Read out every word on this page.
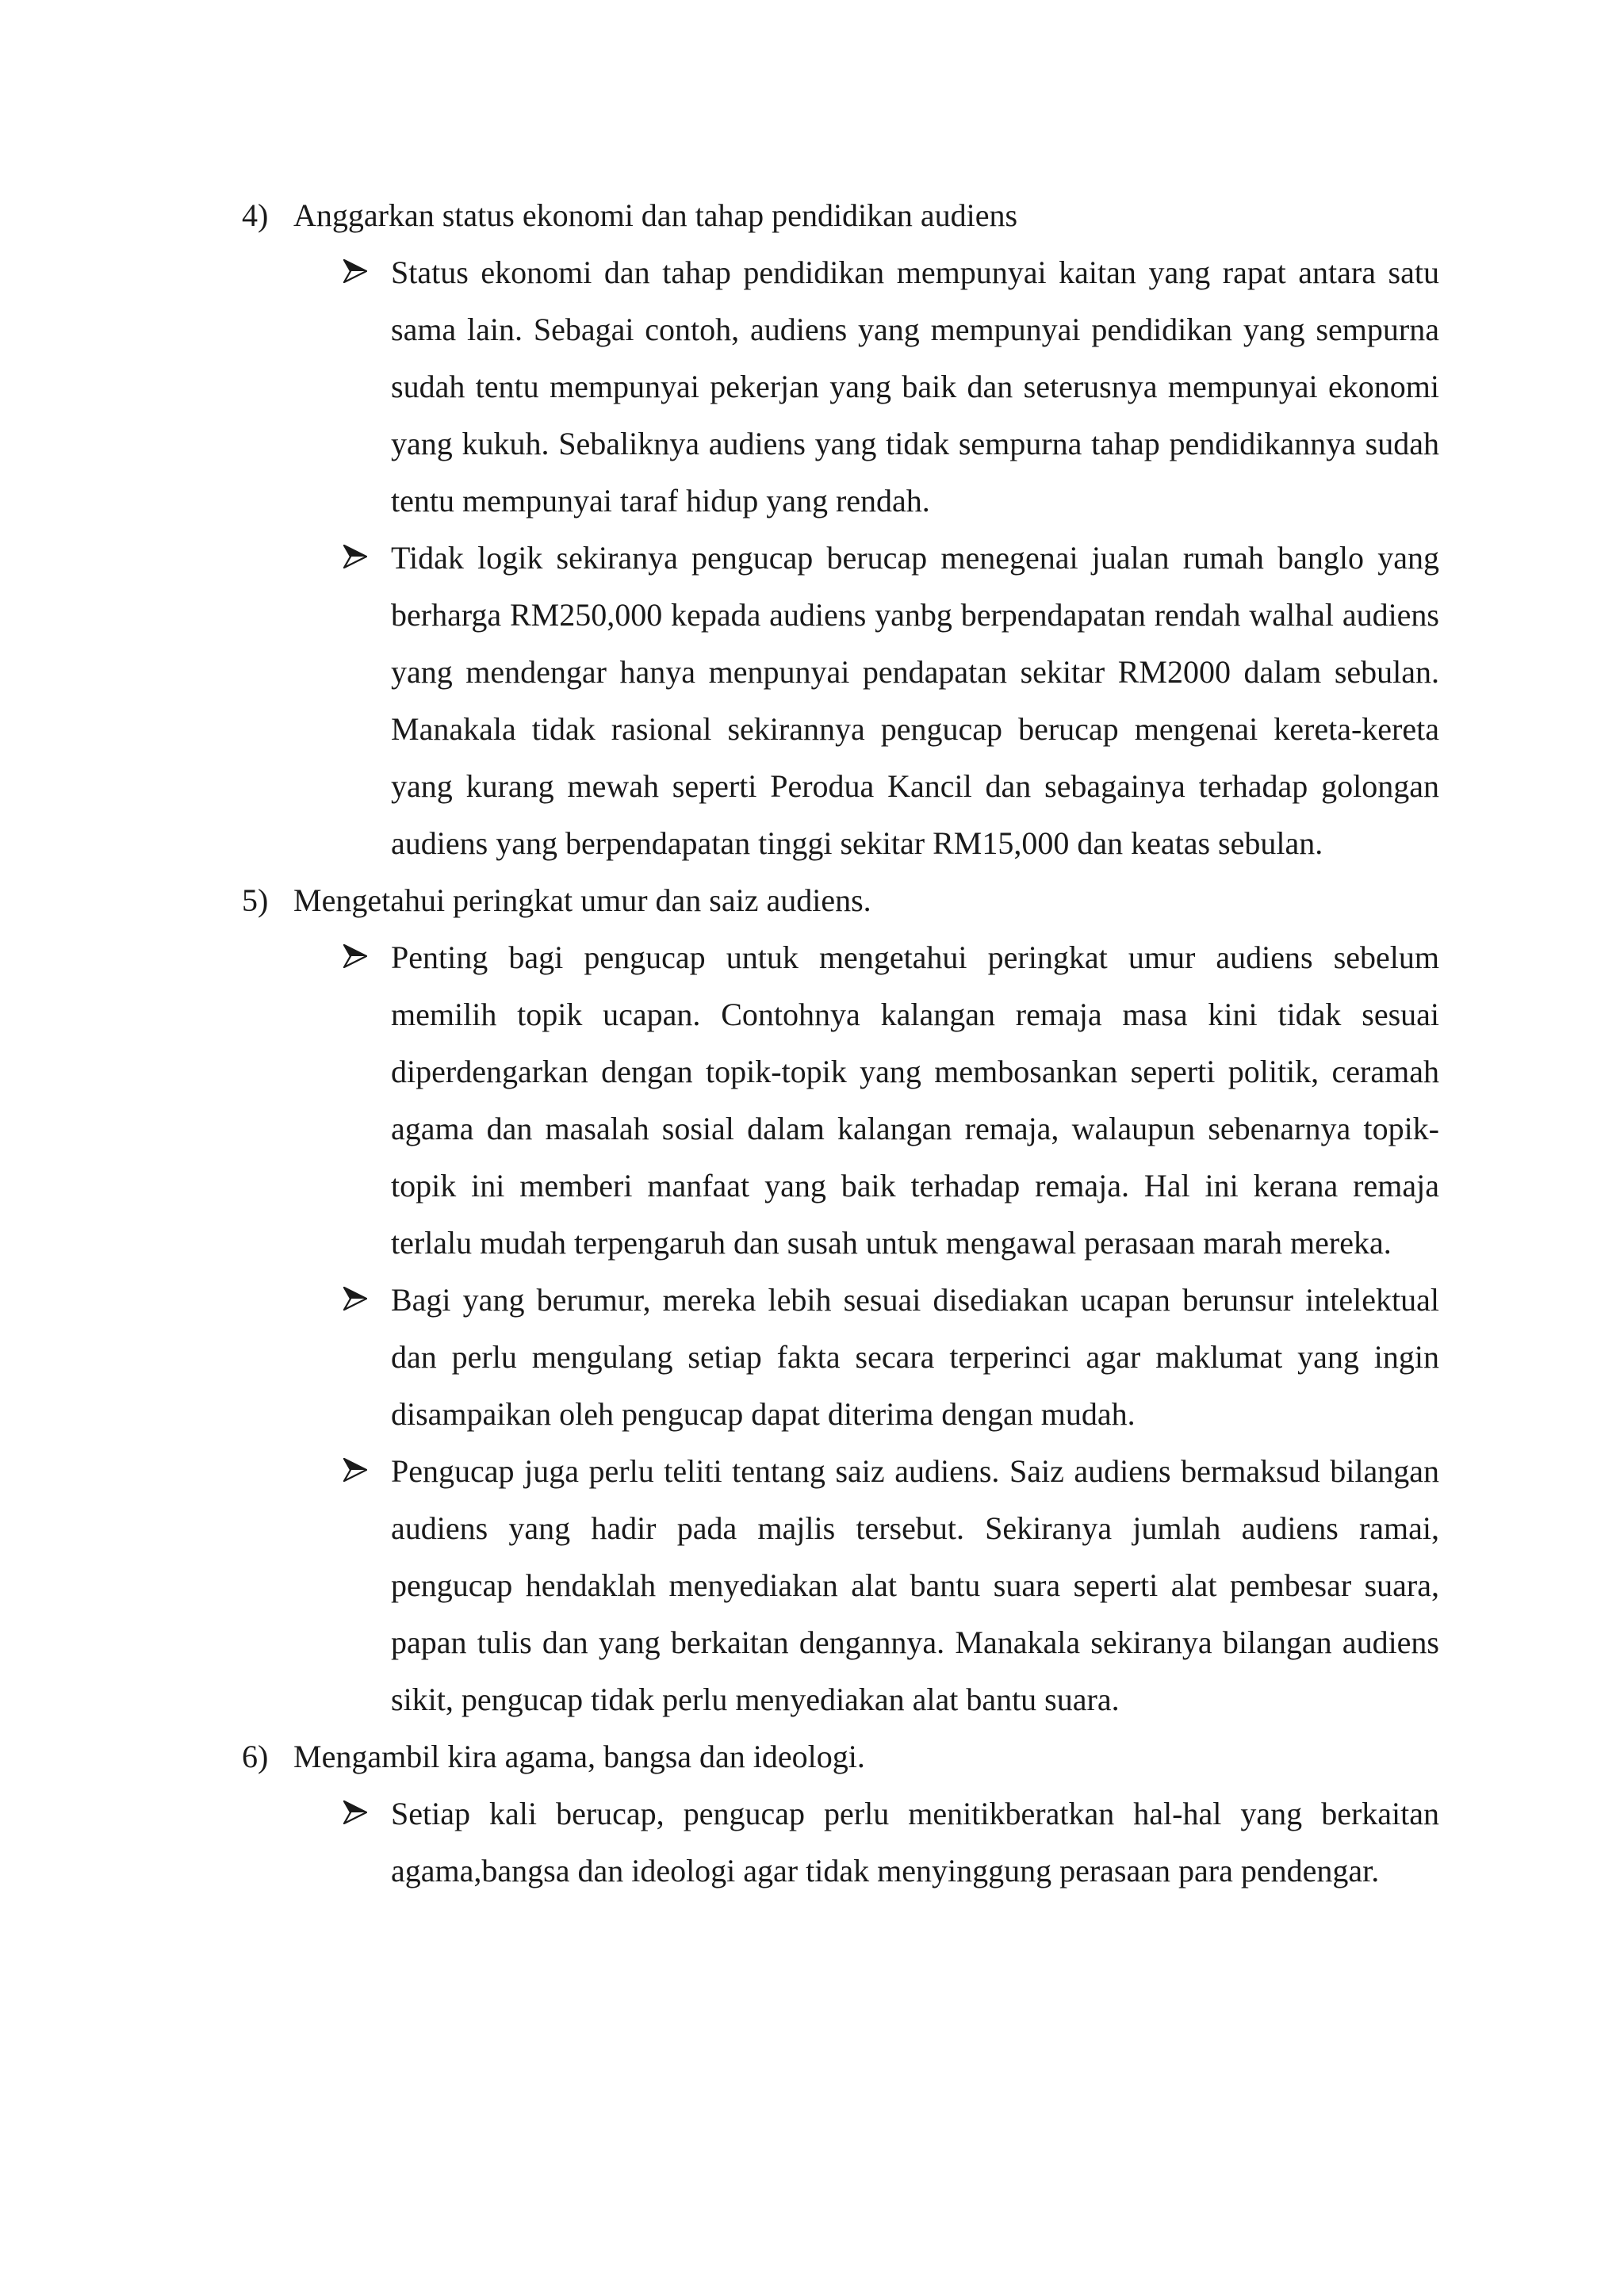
4) Anggarkan status ekonomi dan tahap pendidikan audiens
Status ekonomi dan tahap pendidikan mempunyai kaitan yang rapat antara satu sama lain. Sebagai contoh, audiens yang mempunyai pendidikan yang sempurna sudah tentu mempunyai pekerjan yang baik dan seterusnya mempunyai ekonomi yang kukuh. Sebaliknya audiens yang tidak sempurna tahap pendidikannya sudah tentu mempunyai taraf hidup yang rendah.
Tidak logik sekiranya pengucap berucap menegenai jualan rumah banglo yang berharga RM250,000 kepada audiens yanbg berpendapatan rendah walhal audiens yang mendengar hanya menpunyai pendapatan sekitar RM2000 dalam sebulan. Manakala tidak rasional sekirannya pengucap berucap mengenai kereta-kereta yang kurang mewah seperti Perodua Kancil dan sebagainya terhadap golongan audiens yang berpendapatan tinggi sekitar RM15,000 dan keatas sebulan.
5) Mengetahui peringkat umur dan saiz audiens.
Penting bagi pengucap untuk mengetahui peringkat umur audiens sebelum memilih topik ucapan. Contohnya kalangan remaja masa kini tidak sesuai diperdengarkan dengan topik-topik yang membosankan seperti politik, ceramah agama dan masalah sosial dalam kalangan remaja, walaupun sebenarnya topik-topik ini memberi manfaat yang baik terhadap remaja. Hal ini kerana remaja terlalu mudah terpengaruh dan susah untuk mengawal perasaan marah mereka.
Bagi yang berumur, mereka lebih sesuai disediakan ucapan berunsur intelektual dan perlu mengulang setiap fakta secara terperinci agar maklumat yang ingin disampaikan oleh pengucap dapat diterima dengan mudah.
Pengucap juga perlu teliti tentang saiz audiens. Saiz audiens bermaksud bilangan audiens yang hadir pada majlis tersebut. Sekiranya jumlah audiens ramai, pengucap hendaklah menyediakan alat bantu suara seperti alat pembesar suara, papan tulis dan yang berkaitan dengannya. Manakala sekiranya bilangan audiens sikit, pengucap tidak perlu menyediakan alat bantu suara.
6) Mengambil kira agama, bangsa dan ideologi.
Setiap kali berucap, pengucap perlu menitikberatkan hal-hal yang berkaitan agama,bangsa dan ideologi agar tidak menyinggung perasaan para pendengar.
